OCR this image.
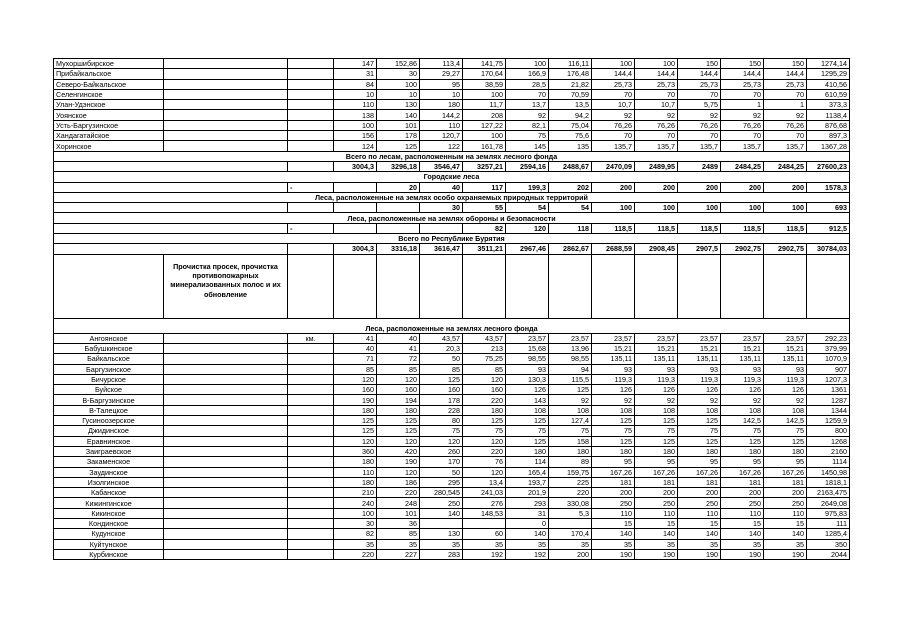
Мухоршибирское			147	152,86	113,4	141,75	100	116,11	100	100	150	150	150	1274,14
Прибайкальское			31	30	29,27	170,64	166,9	176,48	144,4	144,4	144,4	144,4	144,4	1295,29
Северо-Байкальское			84	100	95	38,59	28,5	21,82	25,73	25,73	25,73	25,73	25,73	410,56
Селенгинское			10	10	10	100	70	70,59	70	70	70	70	70	610,59
Улан-Удэнское			110	130	180	11,7	13,7	13,5	10,7	10,7	5,75	1	1	373,3
Уоянское			138	140	144,2	208	92	94,2	92	92	92	92	92	1138,4
Усть-Баргузинское			100	101	110	127,22	82,1	75,04	76,26	76,26	76,26	76,26	76,26	876,68
Хандагатайское			156	178	120,7	100	75	75,6	70	70	70	70	70	897,3
Хоринское			124	125	122	161,78	145	135	135,7	135,7	135,7	135,7	135,7	1367,28
Всего по лесам, расположенным на землях лесного фонда														
			3004,3	3296,18	3546,47	3257,21	2594,16	2488,67	2470,09	2489,95	2489	2484,25	2484,25	27600,23
Городские леса														
		-		20	40	117	199,3	202	200	200	200	200	200	1578,3
Леса, расположенные на землях особо охраняемых природных территорий														
					30	55	54	54	100	100	100	100	100	693
Леса, расположенные на землях обороны и безопасности														
		-				82	120	118	118,5	118,5	118,5	118,5	118,5	912,5
Всего по Республике Бурятия														
			3004,3	3316,18	3616,47	3511,21	2967,46	2862,67	2688,59	2908,45	2907,5	2902,75	2902,75	30784,03
	Прочистка просек, прочистка противопожарных минерализованных полос и их обновление													
Леса, расположенные на землях лесного фонда														
Ангоянское		км.	41	40	43,57	43,57	23,57	23,57	23,57	23,57	23,57	23,57	23,57	292,23
Бабушкинское			40	41	20,3	213	15,68	13,96	15,21	15,21	15,21	15,21	15,21	379,99
Байкальское			71	72	50	75,25	98,55	98,55	135,11	135,11	135,11	135,11	135,11	1070,9
Баргузинское			85	85	85	85	93	94	93	93	93	93	93	907
Бичурское			120	120	125	120	130,3	115,5	119,3	119,3	119,3	119,3	119,3	1207,3
Буйское			160	160	160	160	126	125	126	126	126	126	126	1361
В-Баргузинское			190	194	178	220	143	92	92	92	92	92	92	1287
В-Талецкое			180	180	228	180	108	108	108	108	108	108	108	1344
Гусиноозерское			125	125	80	125	125	127,4	125	125	125	142,5	142,5	1259,9
Джидинское			125	125	75	75	75	75	75	75	75	75	75	800
Еравнинское			120	120	120	120	125	158	125	125	125	125	125	1268
Заиграевское			360	420	260	220	180	180	180	180	180	180	180	2160
Закаменское			180	190	170	76	114	89	95	95	95	95	95	1114
Заудинское			110	120	50	120	165,4	159,75	167,26	167,26	167,26	167,26	167,26	1450,98
Изолгинское			180	186	295	13,4	193,7	225	181	181	181	181	181	1818,1
Кабанское			210	220	280,545	241,03	201,9	220	200	200	200	200	200	2163,475
Кижингинское			240	248	250	276	293	330,08	250	250	250	250	250	2649,08
Кикинское			100	101	140	148,53	31	5,3	110	110	110	110	110	975,83
Кондинское			30	36			0		15	15	15	15	15	111
Кудунское			82	85	130	60	140	170,4	140	140	140	140	140	1285,4
Куйтунское			35	35	35	35	35	35	35	35	35	35	35	350
Курбинское			220	227	283	192	192	200	190	190	190	190	190	2044
